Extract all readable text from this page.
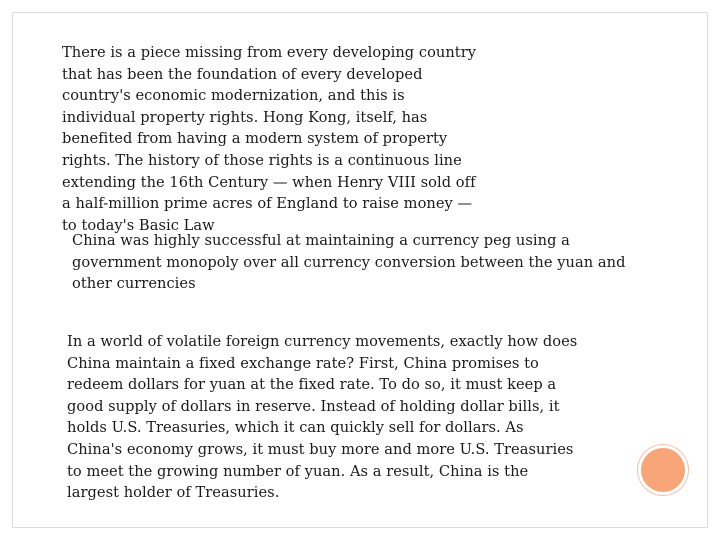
There is a piece missing from every developing country
that has been the foundation of every developed
country's economic modernization, and this is
individual property rights. Hong Kong, itself, has
benefited from having a modern system of property
rights. The history of those rights is a continuous line
extending the 16th Century — when Henry VIII sold off
a half-million prime acres of England to raise money —
to today's Basic Law

China was highly successful at maintaining a currency peg using a
government monopoly over all currency conversion between the yuan and
other currencies

In a world of volatile foreign currency movements, exactly how does
China maintain a fixed exchange rate? First, China promises to
redeem dollars for yuan at the fixed rate. To do so, it must keep a
good supply of dollars in reserve. Instead of holding dollar bills, it
holds U.S. Treasuries, which it can quickly sell for dollars. As
China's economy grows, it must buy more and more U.S. Treasuries
to meet the growing number of yuan. As a result, China is the
largest holder of Treasuries.
